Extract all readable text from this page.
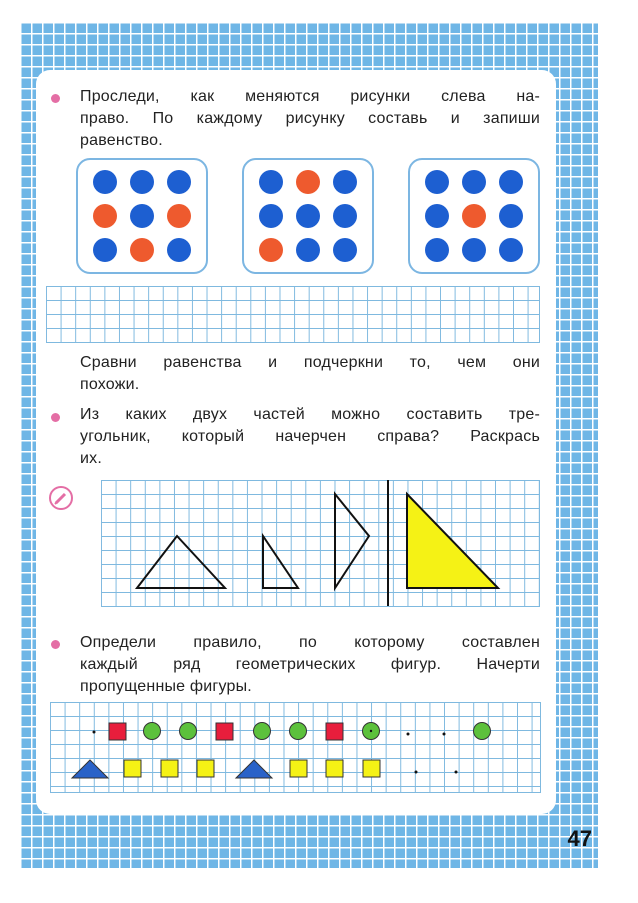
Проследи, как меняются рисунки слева на-
право. По каждому рисунку составь и запиши
равенство.
Сравни равенства и подчеркни то, чем они
похожи.
Из каких двух частей можно составить тре-
угольник, который начерчен справа? Раскрась
их.
Определи правило, по которому составлен
каждый ряд геометрических фигур. Начерти
пропущенные фигуры.
47
